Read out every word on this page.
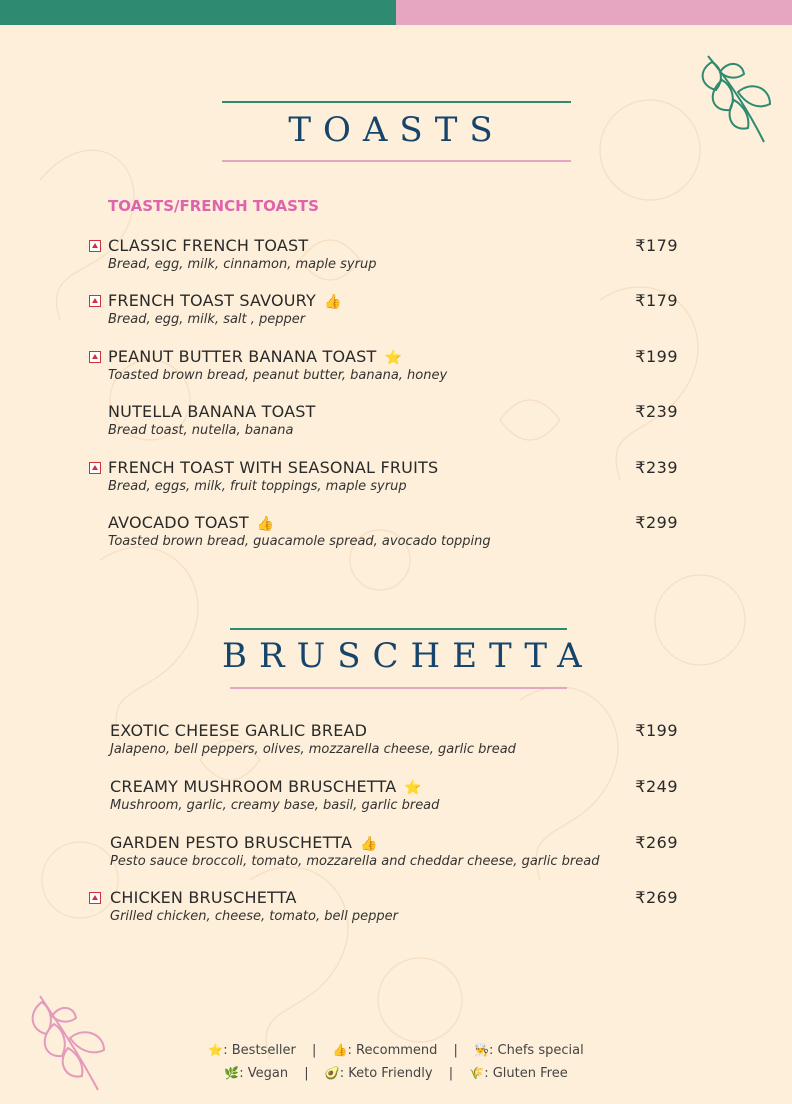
TOASTS
TOASTS/FRENCH TOASTS
CLASSIC FRENCH TOAST
Bread, egg, milk, cinnamon, maple syrup
₹179
FRENCH TOAST SAVOURY 👍
Bread, egg, milk, salt , pepper
₹179
PEANUT BUTTER BANANA TOAST ⭐
Toasted brown bread, peanut butter, banana, honey
₹199
NUTELLA BANANA TOAST
Bread toast, nutella, banana
₹239
FRENCH TOAST WITH SEASONAL FRUITS
Bread, eggs, milk, fruit toppings, maple syrup
₹239
AVOCADO TOAST 👍
Toasted brown bread, guacamole spread, avocado topping
₹299
BRUSCHETTA
EXOTIC CHEESE GARLIC BREAD
Jalapeno, bell peppers, olives, mozzarella cheese, garlic bread
₹199
CREAMY MUSHROOM BRUSCHETTA ⭐
Mushroom, garlic, creamy base, basil, garlic bread
₹249
GARDEN PESTO BRUSCHETTA 👍
Pesto sauce broccoli, tomato, mozzarella and cheddar cheese, garlic bread
₹269
CHICKEN BRUSCHETTA
Grilled chicken, cheese, tomato, bell pepper
₹269
⭐: Bestseller | 👍: Recommend | 👨‍🍳: Chefs special
🌿: Vegan | 🥑: Keto Friendly | 🌾: Gluten Free
